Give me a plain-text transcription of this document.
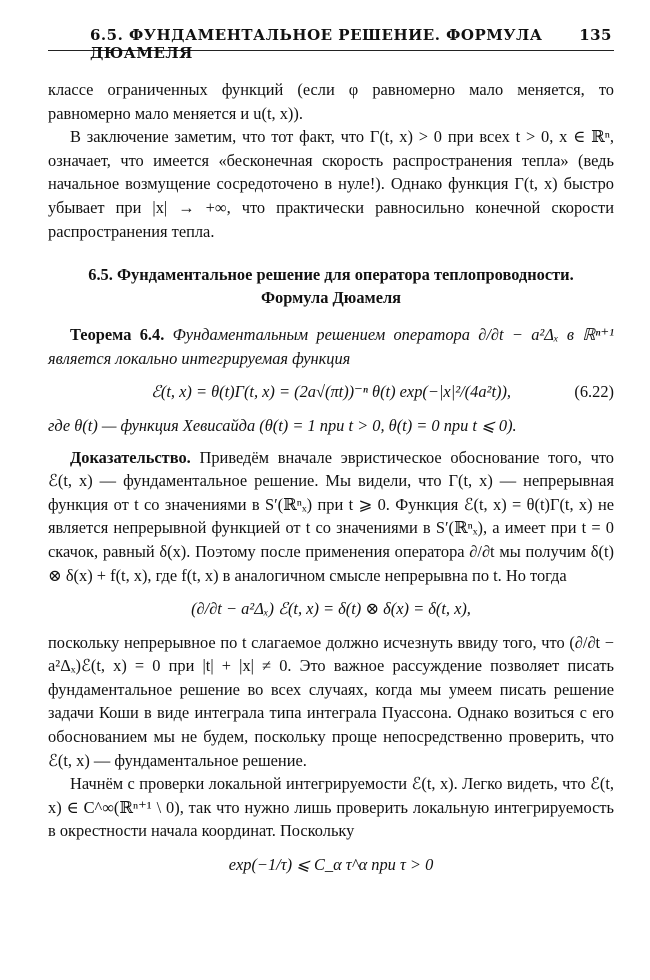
6.5. ФУНДАМЕНТАЛЬНОЕ РЕШЕНИЕ. ФОРМУЛА ДЮАМЕЛЯ
135

классе ограниченных функций (если φ равномерно мало меняется, то равномерно мало меняется и u(t, x)).

В заключение заметим, что тот факт, что Γ(t, x) > 0 при всех t > 0, x ∈ ℝⁿ, означает, что имеется «бесконечная скорость распространения тепла» (ведь начальное возмущение сосредоточено в нуле!). Однако функция Γ(t, x) быстро убывает при |x| → +∞, что практически равносильно конечной скорости распространения тепла.

6.5. Фундаментальное решение для оператора теплопроводности.
Формула Дюамеля

Теорема 6.4. Фундаментальным решением оператора ∂/∂t − a²Δₓ в ℝⁿ⁺¹ является локально интегрируемая функция

ℰ(t, x) = θ(t)Γ(t, x) = (2a√(πt))⁻ⁿ θ(t) exp(−|x|²/(4a²t)),	(6.22)

где θ(t) — функция Хевисайда (θ(t) = 1 при t > 0, θ(t) = 0 при t ⩽ 0).

Доказательство. Приведём вначале эвристическое обоснование того, что ℰ(t, x) — фундаментальное решение. Мы видели, что Γ(t, x) — непрерывная функция от t со значениями в S′(ℝⁿₓ) при t ⩾ 0. Функция ℰ(t, x) = θ(t)Γ(t, x) не является непрерывной функцией от t со значениями в S′(ℝⁿₓ), а имеет при t = 0 скачок, равный δ(x). Поэтому после применения оператора ∂/∂t мы получим δ(t) ⊗ δ(x) + f(t, x), где f(t, x) в аналогичном смысле непрерывна по t. Но тогда

(∂/∂t − a²Δₓ) ℰ(t, x) = δ(t) ⊗ δ(x) = δ(t, x),

поскольку непрерывное по t слагаемое должно исчезнуть ввиду того, что (∂/∂t − a²Δₓ)ℰ(t, x) = 0 при |t| + |x| ≠ 0. Это важное рассуждение позволяет писать фундаментальное решение во всех случаях, когда мы умеем писать решение задачи Коши в виде интеграла типа интеграла Пуассона. Однако возиться с его обоснованием мы не будем, поскольку проще непосредственно проверить, что ℰ(t, x) — фундаментальное решение.

Начнём с проверки локальной интегрируемости ℰ(t, x). Легко видеть, что ℰ(t, x) ∈ C^∞(ℝⁿ⁺¹ \ 0), так что нужно лишь проверить локальную интегрируемость в окрестности начала координат. Поскольку

exp(−1/τ) ⩽ C_α τ^α при τ > 0
